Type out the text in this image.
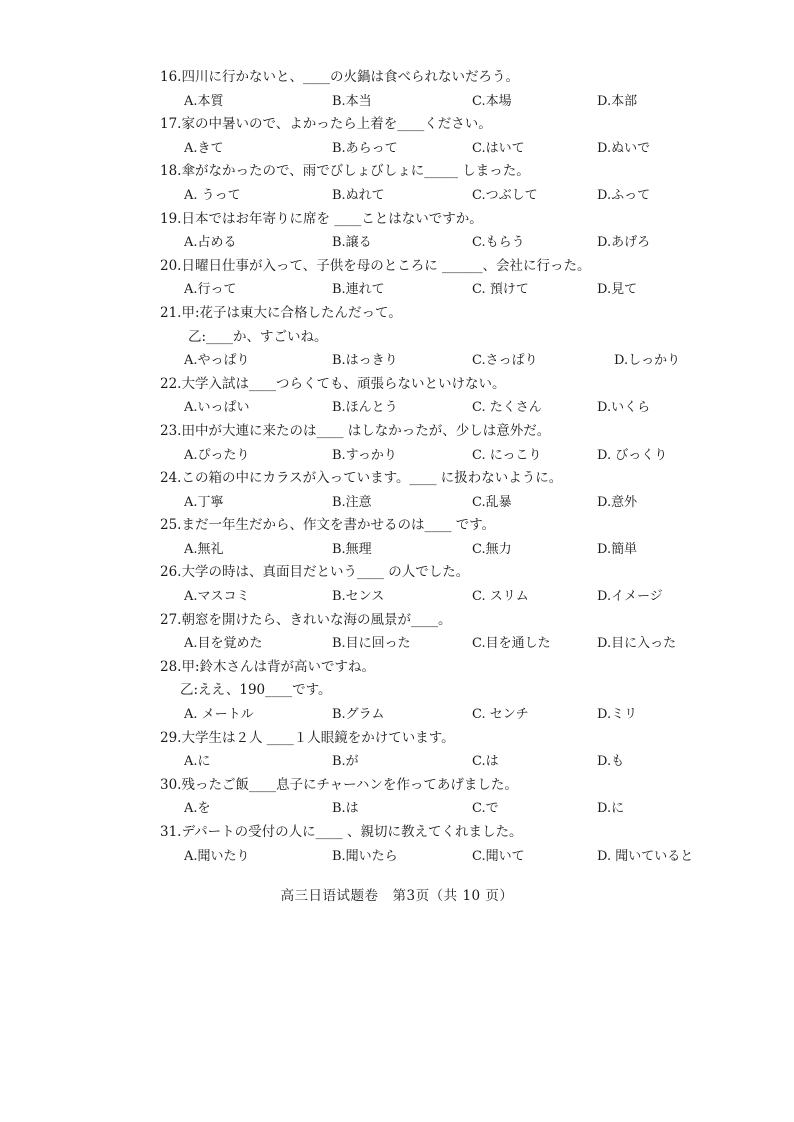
16.四川に行かないと、____の火鍋は食べられないだろう。
A.本質	B.本当	C.本場	D.本部
17.家の中暑いので、よかったら上着を____ください。
A.きて	B.あらって	C.はいて	D.ぬいで
18.傘がなかったので、雨でびしょびしょに_____ しまった。
A. うって	B.ぬれて	C.つぶして	D.ふって
19.日本ではお年寄りに席を ____ことはないですか。
A.占める	B.譲る	C.もらう	D.あげろ
20.日曜日仕事が入って、子供を母のところに ______、会社に行った。
A.行って	B.連れて	C. 預けて	D.見て
21.甲:花子は東大に合格したんだって。
乙:____か、すごいね。
A.やっぱり	B.はっきり	C.さっぱり	D.しっかり
22.大学入試は____つらくても、頑張らないといけない。
A.いっぱい	B.ほんとう	C. たくさん	D.いくら
23.田中が大連に来たのは____ はしなかったが、少しは意外だ。
A.ぴったり	B.すっかり	C. にっこり	D. びっくり
24.この箱の中にカラスが入っています。____ に扱わないように。
A.丁寧	B.注意	C.乱暴	D.意外
25.まだ一年生だから、作文を書かせるのは____ です。
A.無礼	B.無理	C.無力	D.簡単
26.大学の時は、真面目だという____ の人でした。
A.マスコミ	B.センス	C. スリム	D.イメージ
27.朝窓を開けたら、きれいな海の風景が____。
A.目を覚めた	B.目に回った	C.目を通した	D.目に入った
28.甲:鈴木さんは背が高いですね。
乙:ええ、190____です。
A. メートル	B.グラム	C. センチ	D.ミリ
29.大学生は２人 ____１人眼鏡をかけています。
A.に	B.が	C.は	D.も
30.残ったご飯____息子にチャーハンを作ってあげました。
A.を	B.は	C.で	D.に
31.デパートの受付の人に____ 、親切に教えてくれました。
A.聞いたり	B.聞いたら	C.聞いて	D. 聞いていると
高三日语试题卷　第3页（共 10 页）
